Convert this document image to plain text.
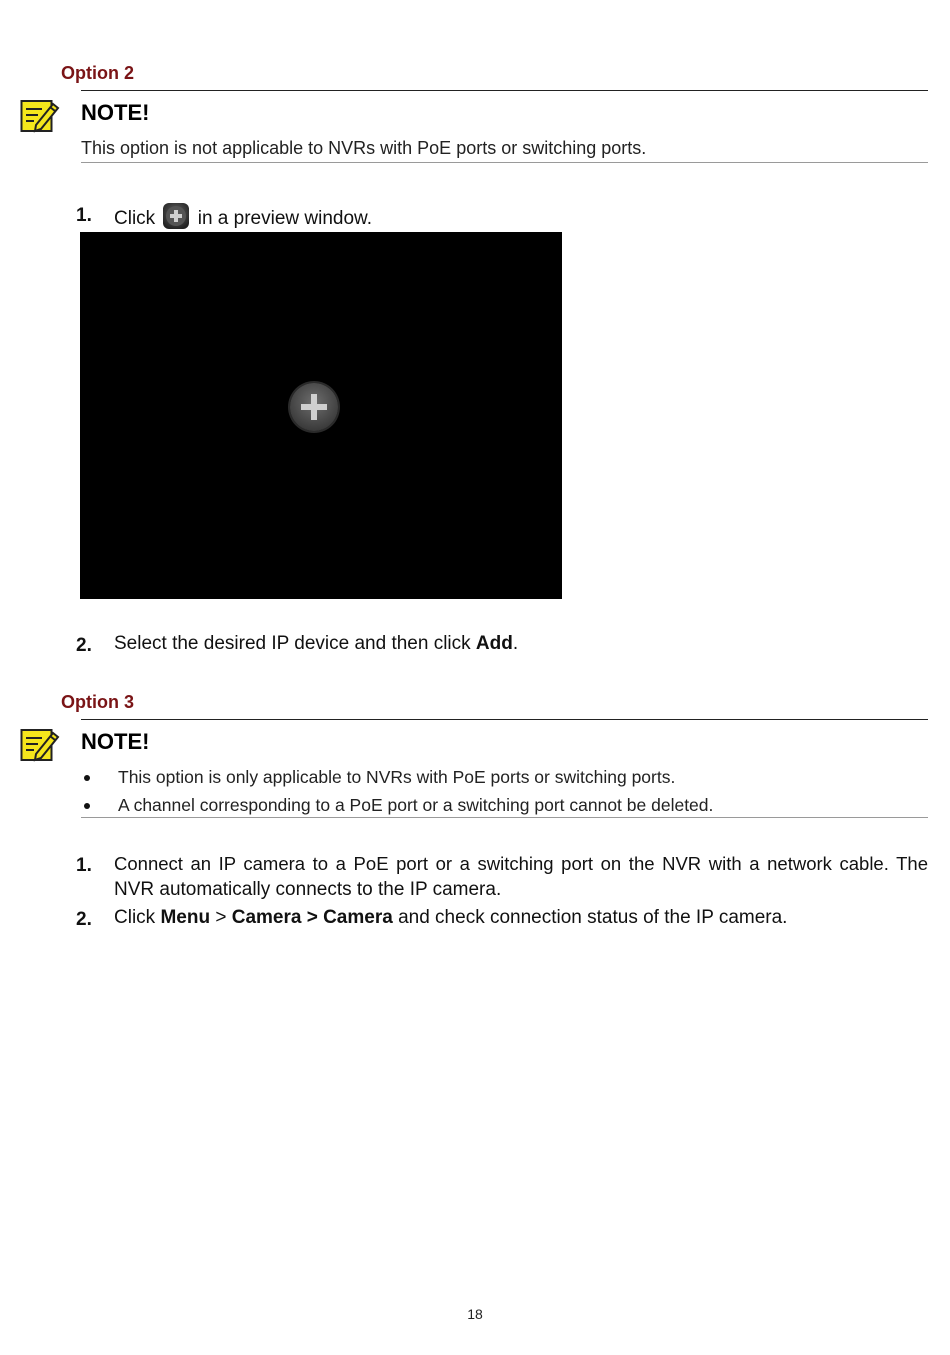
Option 2
NOTE!
This option is not applicable to NVRs with PoE ports or switching ports.
1. Click in a preview window.
2. Select the desired IP device and then click Add.
Option 3
NOTE!
This option is only applicable to NVRs with PoE ports or switching ports.
A channel corresponding to a PoE port or a switching port cannot be deleted.
1. Connect an IP camera to a PoE port or a switching port on the NVR with a network cable. The
NVR automatically connects to the IP camera.
2. Click Menu > Camera > Camera and check connection status of the IP camera.
18
